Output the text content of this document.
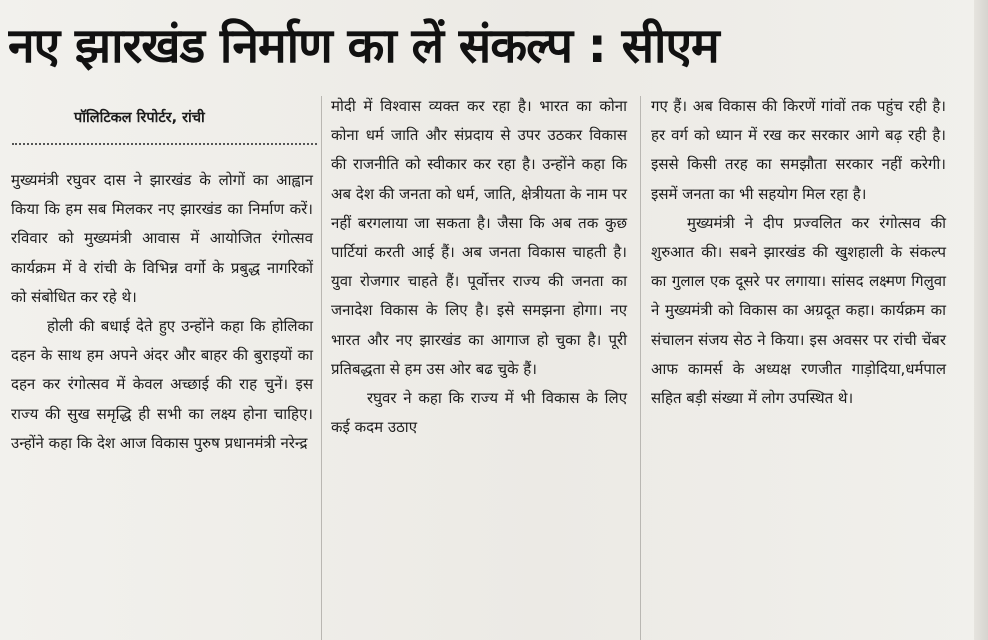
नए झारखंड निर्माण का लें संकल्प : सीएम
पॉलिटिकल रिपोर्टर, रांची

मुख्यमंत्री रघुवर दास ने झारखंड के लोगों का आह्वान किया कि हम सब मिलकर नए झारखंड का निर्माण करें। रविवार को मुख्यमंत्री आवास में आयोजित रंगोत्सव कार्यक्रम में वे रांची के विभिन्न वर्गो के प्रबुद्ध नागरिकों को संबोधित कर रहे थे।

होली की बधाई देते हुए उन्होंने कहा कि होलिका दहन के साथ हम अपने अंदर और बाहर की बुराइयों का दहन कर रंगोत्सव में केवल अच्छाई की राह चुनें। इस राज्य की सुख समृद्धि ही सभी का लक्ष्य होना चाहिए। उन्होंने कहा कि देश आज विकास पुरुष प्रधानमंत्री नरेन्द्र

मोदी में विश्वास व्यक्त कर रहा है। भारत का कोना कोना धर्म जाति और संप्रदाय से उपर उठकर विकास की राजनीति को स्वीकार कर रहा है। उन्होंने कहा कि अब देश की जनता को धर्म, जाति, क्षेत्रीयता के नाम पर नहीं बरगलाया जा सकता है। जैसा कि अब तक कुछ पार्टियां करती आई हैं। अब जनता विकास चाहती है। युवा रोजगार चाहते हैं। पूर्वोत्तर राज्य की जनता का जनादेश विकास के लिए है। इसे समझना होगा। नए भारत और नए झारखंड का आगाज हो चुका है। पूरी प्रतिबद्धता से हम उस ओर बढ चुके हैं।

रघुवर ने कहा कि राज्य में भी विकास के लिए कई कदम उठाए

गए हैं। अब विकास की किरणें गांवों तक पहुंच रही है। हर वर्ग को ध्यान में रख कर सरकार आगे बढ़ रही है। इससे किसी तरह का समझौता सरकार नहीं करेगी। इसमें जनता का भी सहयोग मिल रहा है।

मुख्यमंत्री ने दीप प्रज्वलित कर रंगोत्सव की शुरुआत की। सबने झारखंड की खुशहाली के संकल्प का गुलाल एक दूसरे पर लगाया। सांसद लक्ष्मण गिलुवा ने मुख्यमंत्री को विकास का अग्रदूत कहा। कार्यक्रम का संचालन संजय सेठ ने किया। इस अवसर पर रांची चेंबर आफ कामर्स के अध्यक्ष रणजीत गाड़ोदिया,धर्मपाल सहित बड़ी संख्या में लोग उपस्थित थे।
